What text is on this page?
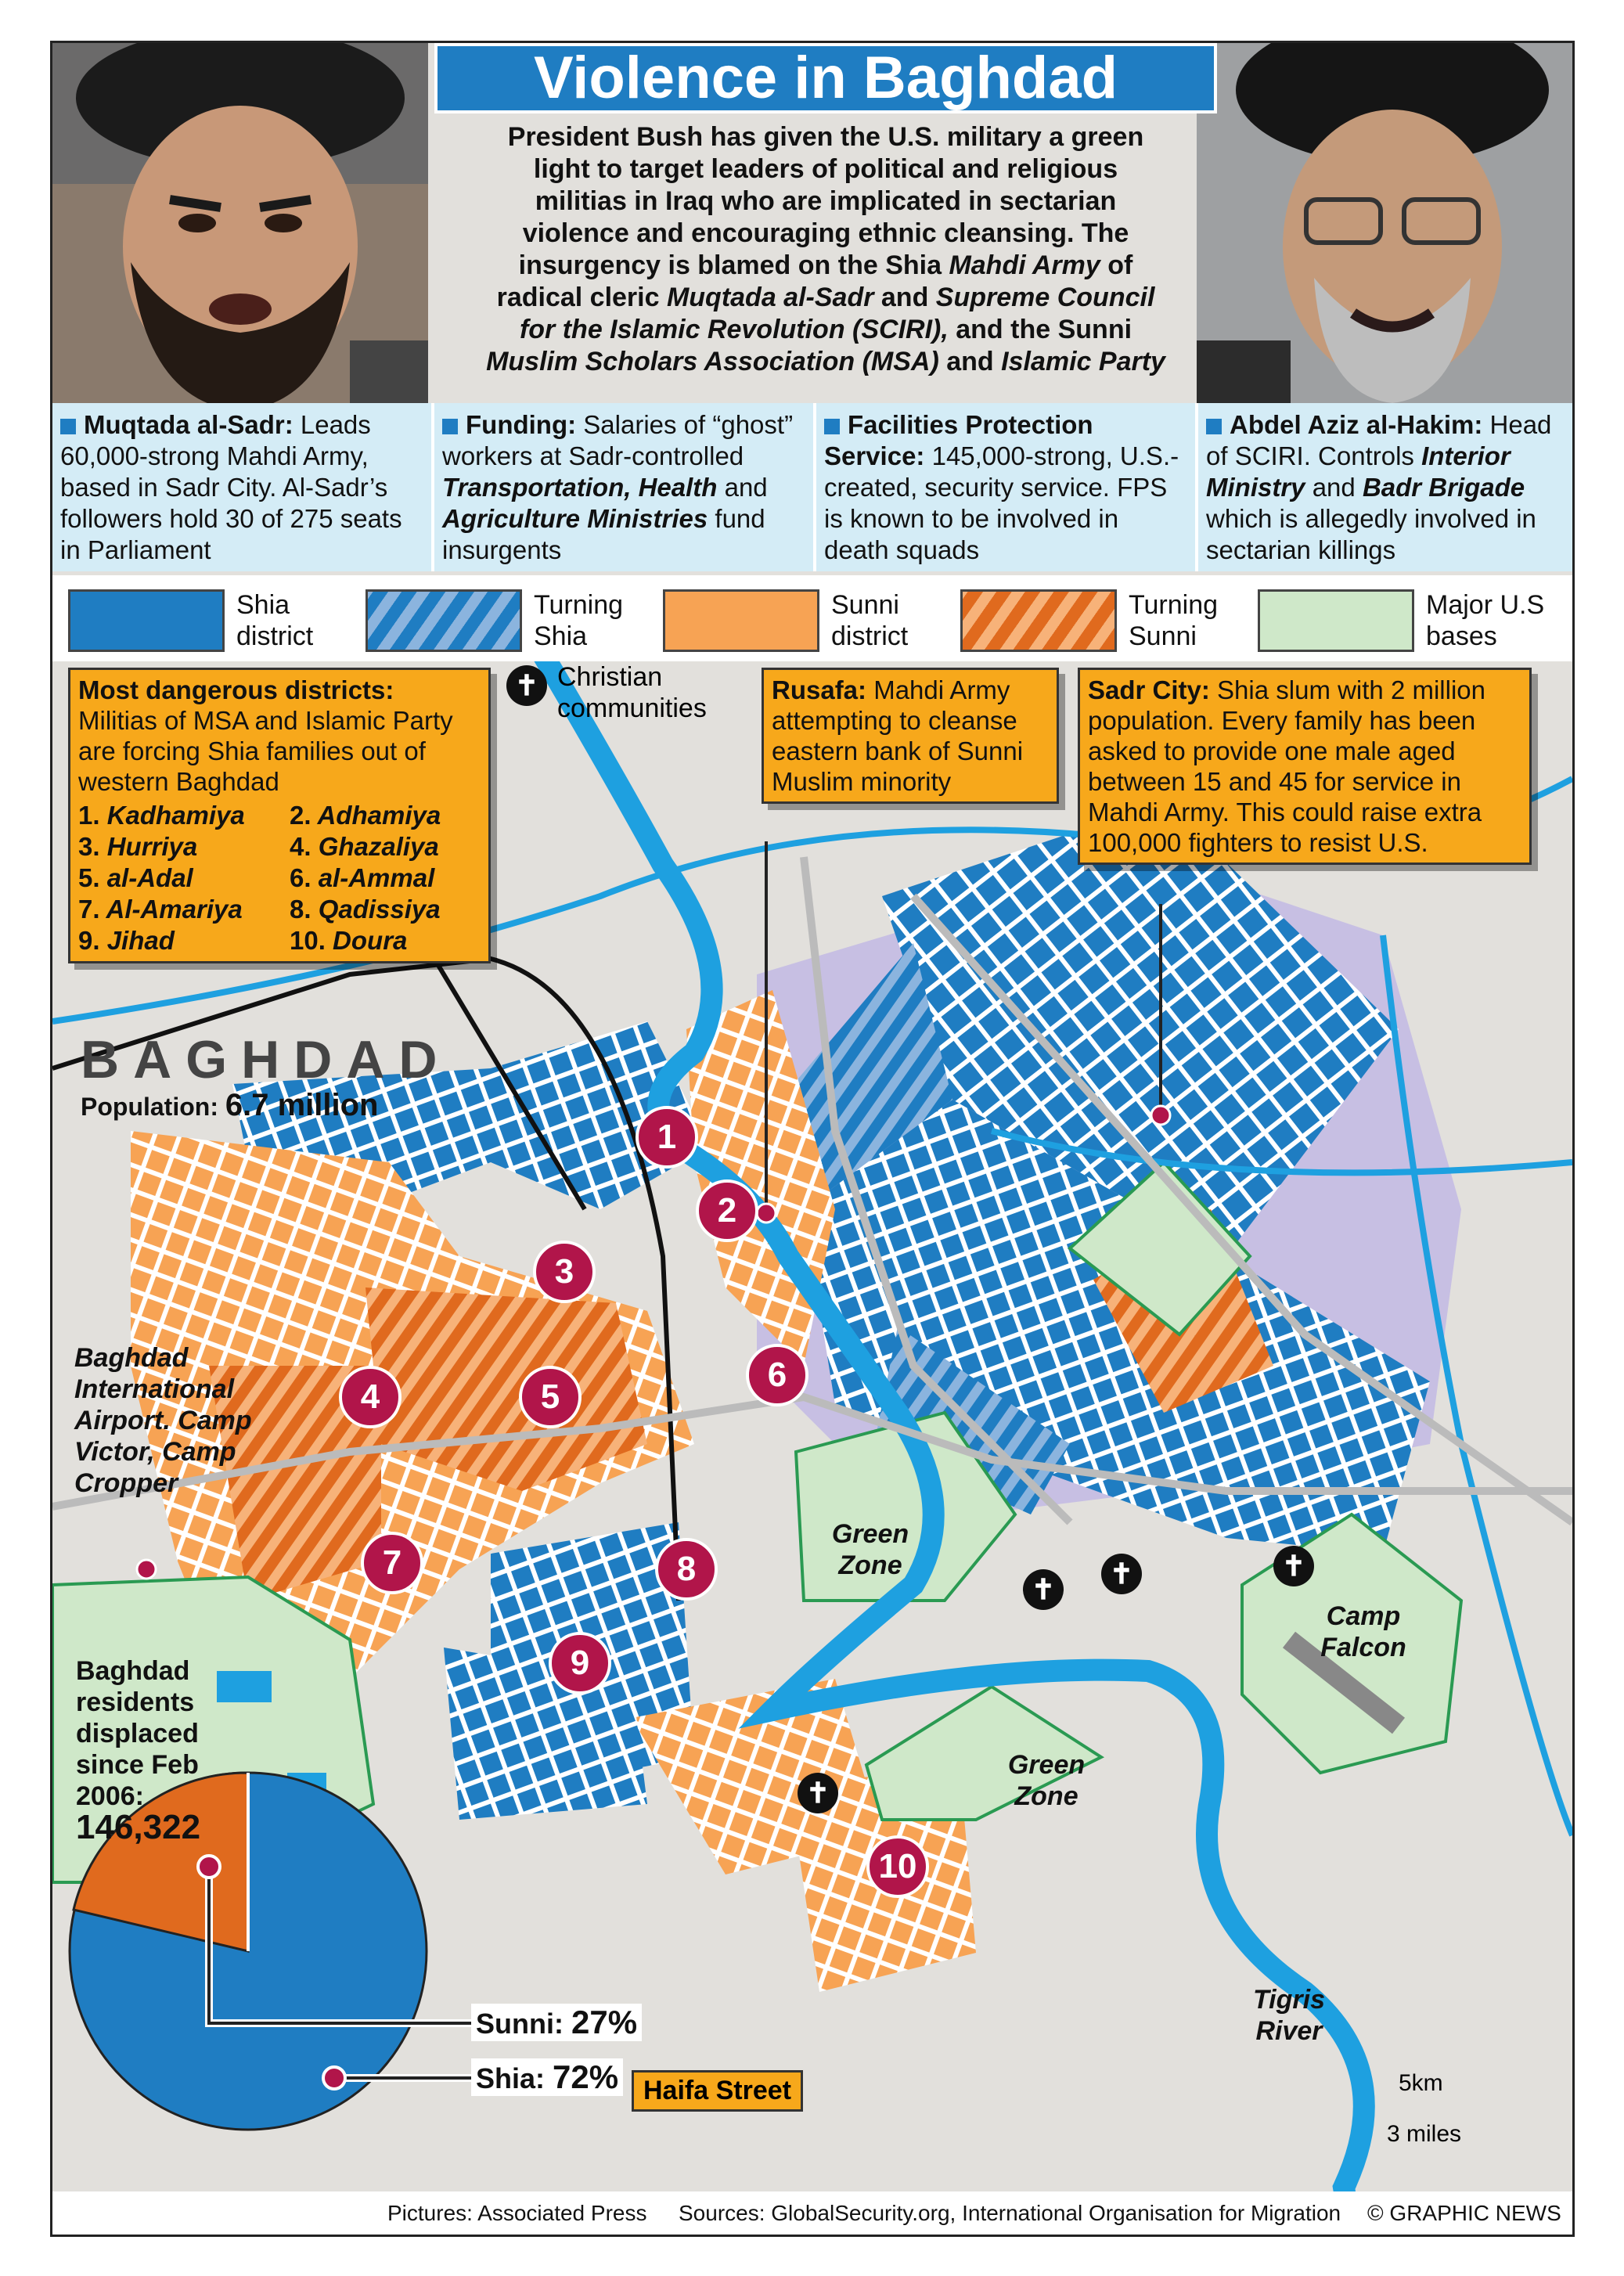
Violence in Baghdad
President Bush has given the U.S. military a green
light to target leaders of political and religious
militias in Iraq who are implicated in sectarian
violence and encouraging ethnic cleansing. The
insurgency is blamed on the Shia Mahdi Army of
radical cleric Muqtada al-Sadr and Supreme Council
for the Islamic Revolution (SCIRI), and the Sunni
Muslim Scholars Association (MSA) and Islamic Party
Muqtada al-Sadr: Leads 60,000-strong Mahdi Army, based in Sadr City. Al-Sadr’s followers hold 30 of 275 seats in Parliament
Funding: Salaries of “ghost” workers at Sadr-controlled Transportation, Health and Agriculture Ministries fund insurgents
Facilities Protection Service: 145,000-strong, U.S.-created, security service. FPS is known to be involved in death squads
Abdel Aziz al-Hakim: Head of SCIRI. Controls Interior Ministry and Badr Brigade which is allegedly involved in sectarian killings
Shia district
Turning Shia
Sunni district
Turning Sunni
Major U.S bases
Most dangerous districts:
Militias of MSA and Islamic Party are forcing Shia families out of western Baghdad
1. Kadhamiya	2. Adhamiya
3. Hurriya	4. Ghazaliya
5. al-Adal	6. al-Ammal
7. Al-Amariya	8. Qadissiya
9. Jihad	10. Doura
Rusafa: Mahdi Army attempting to cleanse eastern bank of Sunni Muslim minority
Sadr City: Shia slum with 2 million population. Every family has been asked to provide one male aged between 15 and 45 for service in Mahdi Army. This could raise extra 100,000 fighters to resist U.S.
✝ Christian communities
BAGHDAD
Population: 6.7 million
Baghdad International Airport. Camp Victor, Camp Cropper
Green Zone
Green Zone
Camp Falcon
Tigris River
Haifa Street
1
2
3
4	5
6
7	8
9
10
✝	✝	✝
✝
Baghdad residents displaced since Feb 2006:
146,322
Sunni: 27%
Shia: 72%	5km
3 miles
Pictures: Associated Press Sources: GlobalSecurity.org, International Organisation for Migration © GRAPHIC NEWS
